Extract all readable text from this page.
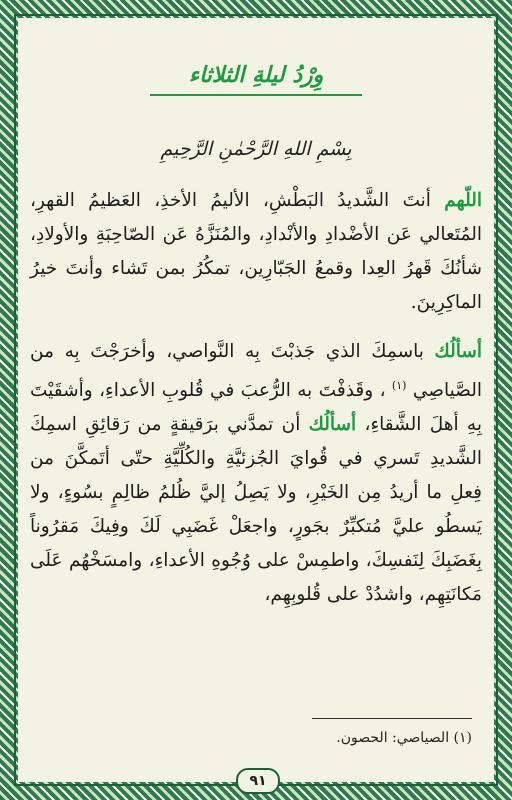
وِرْدُ ليلةِ الثلاثاء
بِسْمِ اللهِ الرَّحْمٰنِ الرَّحِيمِ

اللّهم أنتَ الشَّديدُ البَطْشِ، الأليمُ الأخذِ، العَظيمُ القهرِ، المُتَعالي عَن الأضْدادِ والأنْدادِ، والمُنَزَّهُ عَن الصّاحِبَةِ والأولادِ، شأنُكَ قَهرُ العِدا وقمعُ الجَبّارِين، تمكُرُ بمن تَشاء وأنتَ خيرُ الماكِرِينَ.

أسألُك باسمِكَ الذي جَذبْتَ بِه النَّواصي، وأخرَجْتَ بِه من الصَّياصِي $^{(١)}$ ، وقَذفْتَ به الرُّعبَ في قُلوبِ الأعداءِ، وأشقَيْتَ بِهِ أهلَ الشَّقاءِ، أسألُك أن تمدَّني برَقيقةٍ من رَقائِقِ اسمِكَ الشَّديدِ تَسري في قُوايَ الجُزئيَّةِ والكُلِّيَّةِ حتّى أتَمكَّنَ من فِعلِ ما أريدُ مِن الخَيْرِ، ولا يَصِلُ إليَّ ظُلمُ ظالِمٍ بسُوءٍ، ولا يَسطُو عليَّ مُتكبِّرٌ بجَورٍ، واجعَلْ غَضَبِي لَكَ وفِيكَ مَقرُوناً بِغَضَبِكَ لِنَفسِكَ، واطمِسْ على وُجُوهِ الأعداءِ، وامسَخْهُم عَلَى مَكانَتِهِم، واشدُدْ على قُلوبِهِم،

(١) الصياصي: الحصون.
٩١
